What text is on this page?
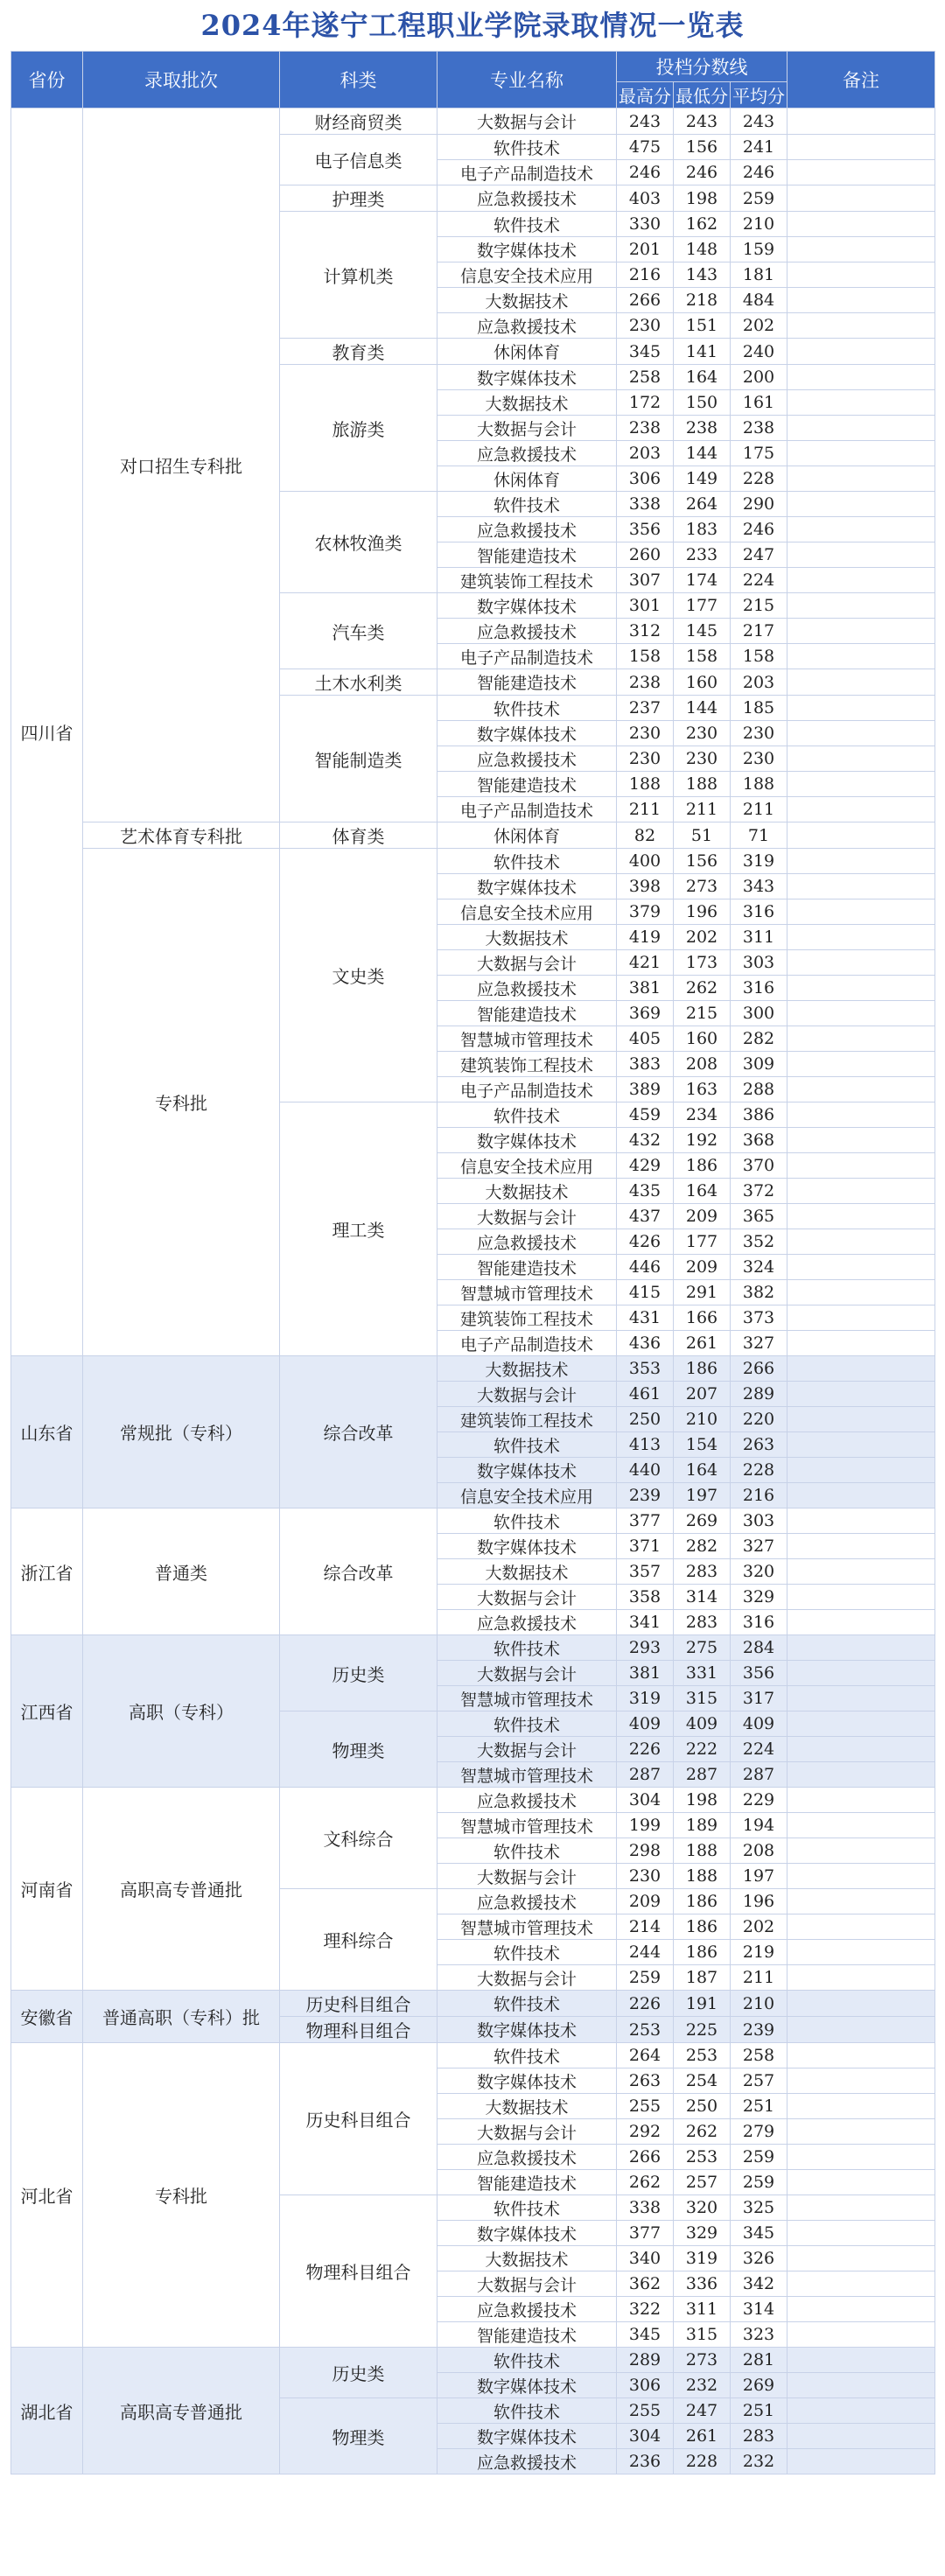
2024年遂宁工程职业学院录取情况一览表
省份	录取批次	科类	专业名称	投档分数线			备注
				最高分	最低分	平均分	
四川省	对口招生专科批	财经商贸类	大数据与会计	243	243	243	
		电子信息类	软件技术	475	156	241	
			电子产品制造技术	246	246	246	
		护理类	应急救援技术	403	198	259	
		计算机类	软件技术	330	162	210	
			数字媒体技术	201	148	159	
			信息安全技术应用	216	143	181	
			大数据技术	266	218	484	
			应急救援技术	230	151	202	
		教育类	休闲体育	345	141	240	
		旅游类	数字媒体技术	258	164	200	
			大数据技术	172	150	161	
			大数据与会计	238	238	238	
			应急救援技术	203	144	175	
			休闲体育	306	149	228	
		农林牧渔类	软件技术	338	264	290	
			应急救援技术	356	183	246	
			智能建造技术	260	233	247	
			建筑装饰工程技术	307	174	224	
		汽车类	数字媒体技术	301	177	215	
			应急救援技术	312	145	217	
			电子产品制造技术	158	158	158	
		土木水利类	智能建造技术	238	160	203	
		智能制造类	软件技术	237	144	185	
			数字媒体技术	230	230	230	
			应急救援技术	230	230	230	
			智能建造技术	188	188	188	
			电子产品制造技术	211	211	211	
	艺术体育专科批	体育类	休闲体育	82	51	71	
	专科批	文史类	软件技术	400	156	319	
			数字媒体技术	398	273	343	
			信息安全技术应用	379	196	316	
			大数据技术	419	202	311	
			大数据与会计	421	173	303	
			应急救援技术	381	262	316	
			智能建造技术	369	215	300	
			智慧城市管理技术	405	160	282	
			建筑装饰工程技术	383	208	309	
			电子产品制造技术	389	163	288	
		理工类	软件技术	459	234	386	
			数字媒体技术	432	192	368	
			信息安全技术应用	429	186	370	
			大数据技术	435	164	372	
			大数据与会计	437	209	365	
			应急救援技术	426	177	352	
			智能建造技术	446	209	324	
			智慧城市管理技术	415	291	382	
			建筑装饰工程技术	431	166	373	
			电子产品制造技术	436	261	327	
山东省	常规批（专科）	综合改革	大数据技术	353	186	266	
			大数据与会计	461	207	289	
			建筑装饰工程技术	250	210	220	
			软件技术	413	154	263	
			数字媒体技术	440	164	228	
			信息安全技术应用	239	197	216	
浙江省	普通类	综合改革	软件技术	377	269	303	
			数字媒体技术	371	282	327	
			大数据技术	357	283	320	
			大数据与会计	358	314	329	
			应急救援技术	341	283	316	
江西省	高职（专科）	历史类	软件技术	293	275	284	
			大数据与会计	381	331	356	
			智慧城市管理技术	319	315	317	
		物理类	软件技术	409	409	409	
			大数据与会计	226	222	224	
			智慧城市管理技术	287	287	287	
河南省	高职高专普通批	文科综合	应急救援技术	304	198	229	
			智慧城市管理技术	199	189	194	
			软件技术	298	188	208	
			大数据与会计	230	188	197	
		理科综合	应急救援技术	209	186	196	
			智慧城市管理技术	214	186	202	
			软件技术	244	186	219	
			大数据与会计	259	187	211	
安徽省	普通高职（专科）批	历史科目组合	软件技术	226	191	210	
		物理科目组合	数字媒体技术	253	225	239	
河北省	专科批	历史科目组合	软件技术	264	253	258	
			数字媒体技术	263	254	257	
			大数据技术	255	250	251	
			大数据与会计	292	262	279	
			应急救援技术	266	253	259	
			智能建造技术	262	257	259	
		物理科目组合	软件技术	338	320	325	
			数字媒体技术	377	329	345	
			大数据技术	340	319	326	
			大数据与会计	362	336	342	
			应急救援技术	322	311	314	
			智能建造技术	345	315	323	
湖北省	高职高专普通批	历史类	软件技术	289	273	281	
			数字媒体技术	306	232	269	
		物理类	软件技术	255	247	251	
			数字媒体技术	304	261	283	
			应急救援技术	236	228	232	
